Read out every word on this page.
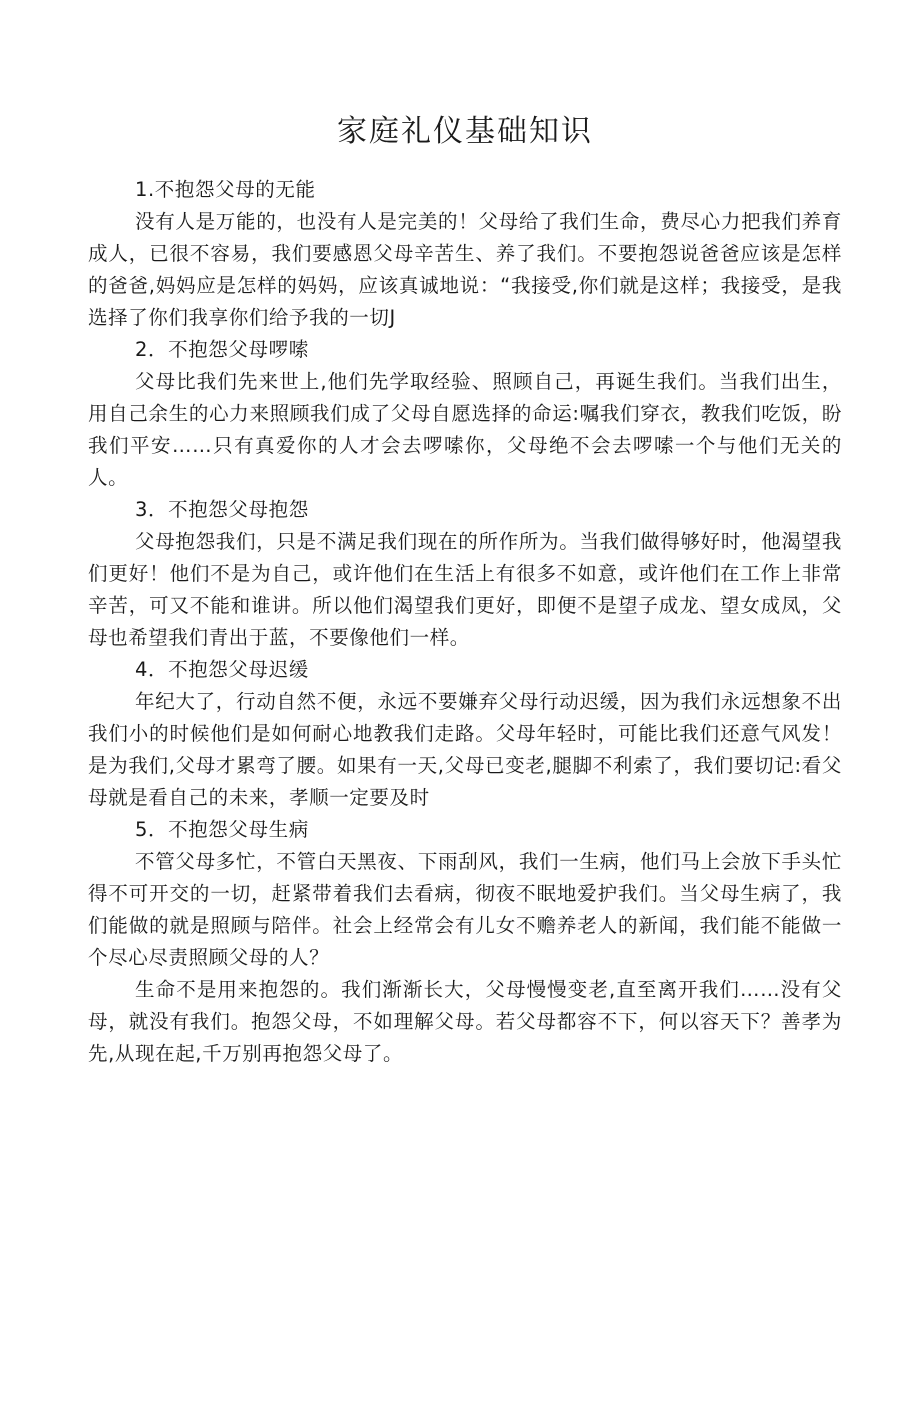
家庭礼仪基础知识

1.不抱怨父母的无能

没有人是万能的，也没有人是完美的！父母给了我们生命，费尽心力把我们养育成人，已很不容易，我们要感恩父母辛苦生、养了我们。不要抱怨说爸爸应该是怎样的爸爸,妈妈应是怎样的妈妈，应该真诚地说：“我接受,你们就是这样；我接受，是我选择了你们我享你们给予我的一切J

2．不抱怨父母啰嗦

父母比我们先来世上,他们先学取经验、照顾自己，再诞生我们。当我们出生，用自己余生的心力来照顾我们成了父母自愿选择的命运:嘱我们穿衣，教我们吃饭，盼我们平安……只有真爱你的人才会去啰嗦你，父母绝不会去啰嗦一个与他们无关的人。

3．不抱怨父母抱怨

父母抱怨我们，只是不满足我们现在的所作所为。当我们做得够好时，他渴望我们更好！他们不是为自己，或许他们在生活上有很多不如意，或许他们在工作上非常辛苦，可又不能和谁讲。所以他们渴望我们更好，即便不是望子成龙、望女成凤，父母也希望我们青出于蓝，不要像他们一样。

4．不抱怨父母迟缓

年纪大了，行动自然不便，永远不要嫌弃父母行动迟缓，因为我们永远想象不出我们小的时候他们是如何耐心地教我们走路。父母年轻时，可能比我们还意气风发！是为我们,父母才累弯了腰。如果有一天,父母已变老,腿脚不利索了，我们要切记:看父母就是看自己的未来，孝顺一定要及时

5．不抱怨父母生病

不管父母多忙，不管白天黑夜、下雨刮风，我们一生病，他们马上会放下手头忙得不可开交的一切，赶紧带着我们去看病，彻夜不眠地爱护我们。当父母生病了，我们能做的就是照顾与陪伴。社会上经常会有儿女不赡养老人的新闻，我们能不能做一个尽心尽责照顾父母的人？

生命不是用来抱怨的。我们渐渐长大，父母慢慢变老,直至离开我们……没有父母，就没有我们。抱怨父母，不如理解父母。若父母都容不下，何以容天下？善孝为先,从现在起,千万别再抱怨父母了。
